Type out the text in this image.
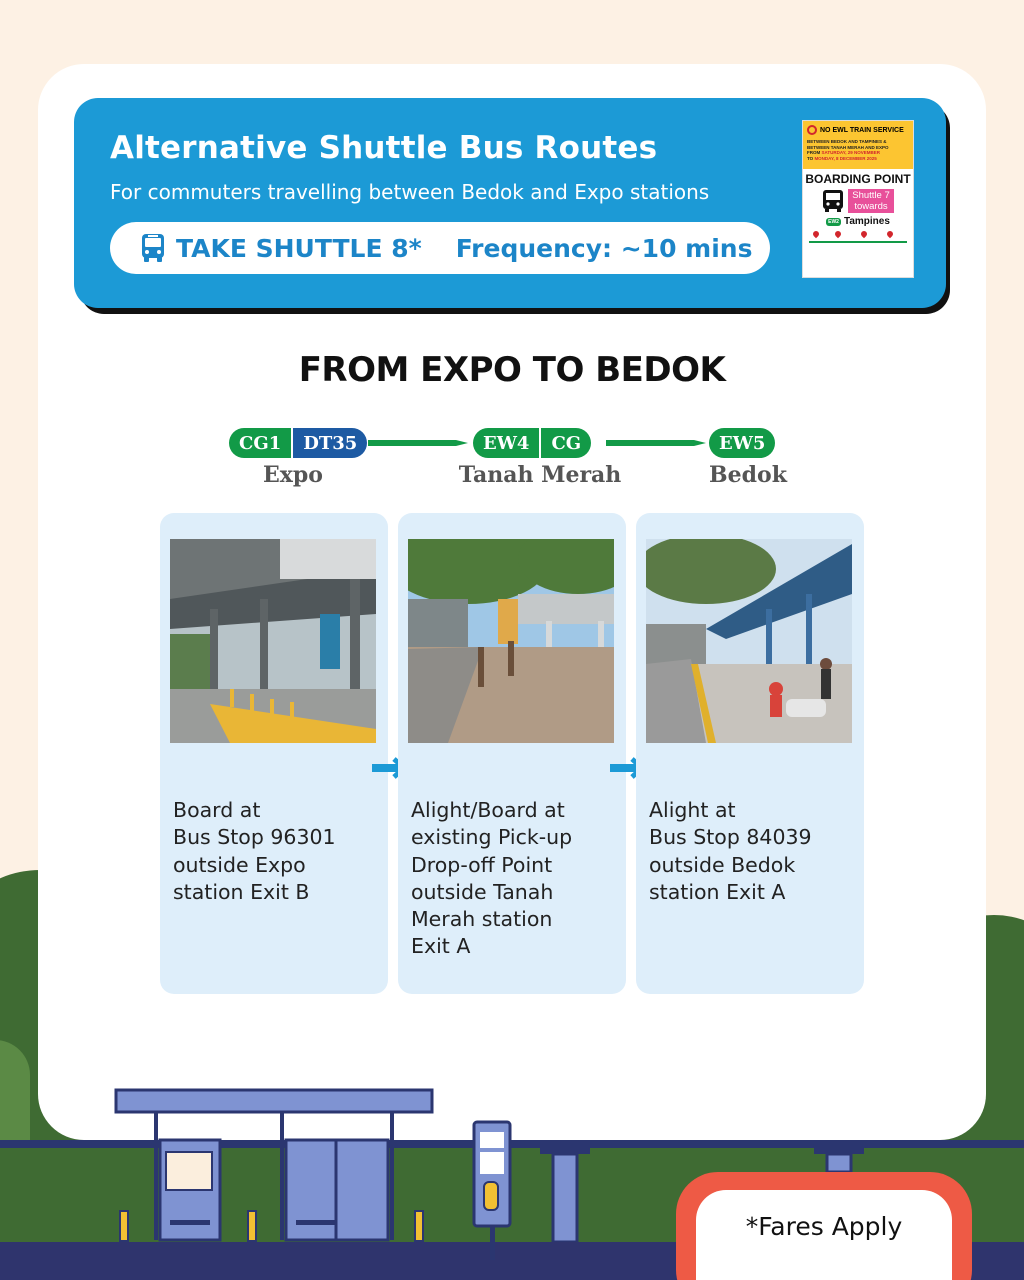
Alternative Shuttle Bus Routes
For commuters travelling between Bedok and Expo stations
TAKE SHUTTLE 8* Frequency: ~10 mins
NO EWL TRAIN SERVICE
BETWEEN BEDOK AND TAMPINES &
BETWEEN TANAH MERAH AND EXPO
FROM SATURDAY, 29 NOVEMBER
TO MONDAY, 8 DECEMBER 2025
BOARDING POINT
Shuttle 7 towards
EW2 Tampines
FROM EXPO TO BEDOK
CG1	DT35
Expo
EW4	CG
Tanah Merah
EW5
Bedok
Board at
Bus Stop 96301
outside Expo
station Exit B
Alight/Board at
existing Pick-up
Drop-off Point
outside Tanah
Merah station
Exit A
Alight at
Bus Stop 84039
outside Bedok
station Exit A
*Fares Apply
